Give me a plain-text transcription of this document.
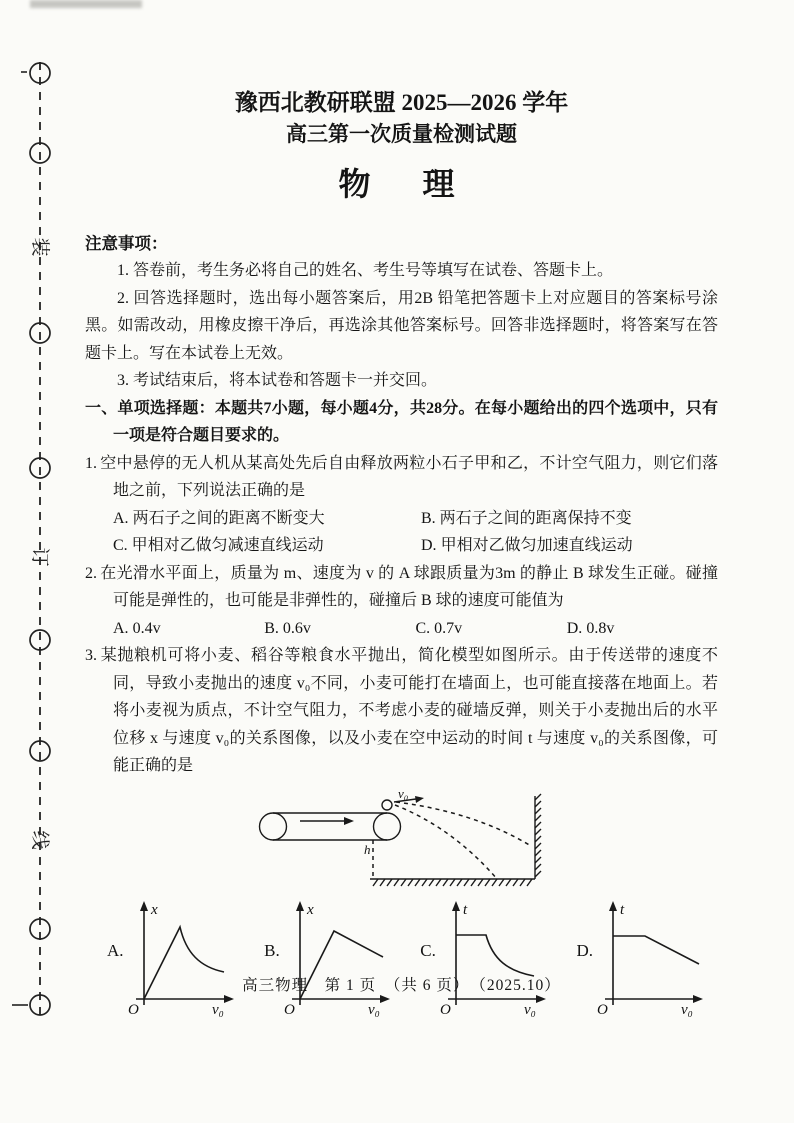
装
订
线
豫西北教研联盟 2025—2026 学年
高三第一次质量检测试题
物　理
注意事项：

1. 答卷前，考生务必将自己的姓名、考生号等填写在试卷、答题卡上。

2. 回答选择题时，选出每小题答案后，用2B 铅笔把答题卡上对应题目的答案标号涂黑。如需改动，用橡皮擦干净后，再选涂其他答案标号。回答非选择题时，将答案写在答题卡上。写在本试卷上无效。

3. 考试结束后，将本试卷和答题卡一并交回。

一、单项选择题：本题共7小题，每小题4分，共28分。在每小题给出的四个选项中，只有一项是符合题目要求的。

1. 空中悬停的无人机从某高处先后自由释放两粒小石子甲和乙，不计空气阻力，则它们落地之前，下列说法正确的是

A. 两石子之间的距离不断变大	B. 两石子之间的距离保持不变
C. 甲相对乙做匀减速直线运动	D. 甲相对乙做匀加速直线运动

2. 在光滑水平面上，质量为 m、速度为 v 的 A 球跟质量为3m 的静止 B 球发生正碰。碰撞可能是弹性的，也可能是非弹性的，碰撞后 B 球的速度可能值为

A. 0.4v	B. 0.6v	C. 0.7v	D. 0.8v

3. 某抛粮机可将小麦、稻谷等粮食水平抛出，简化模型如图所示。由于传送带的速度不同，导致小麦抛出的速度 v₀不同，小麦可能打在墙面上，也可能直接落在地面上。若将小麦视为质点，不计空气阻力，不考虑小麦的碰墙反弹，则关于小麦抛出后的水平位移 x 与速度 v₀的关系图像，以及小麦在空中运动的时间 t 与速度 v₀的关系图像，可能正确的是

v₀
h
A.
O
x
v₀
B.
O
x
v₀
C.
O
t
v₀
D.
O
t
v₀
高三物理　第 1 页　（共 6 页）　（2025.10）
